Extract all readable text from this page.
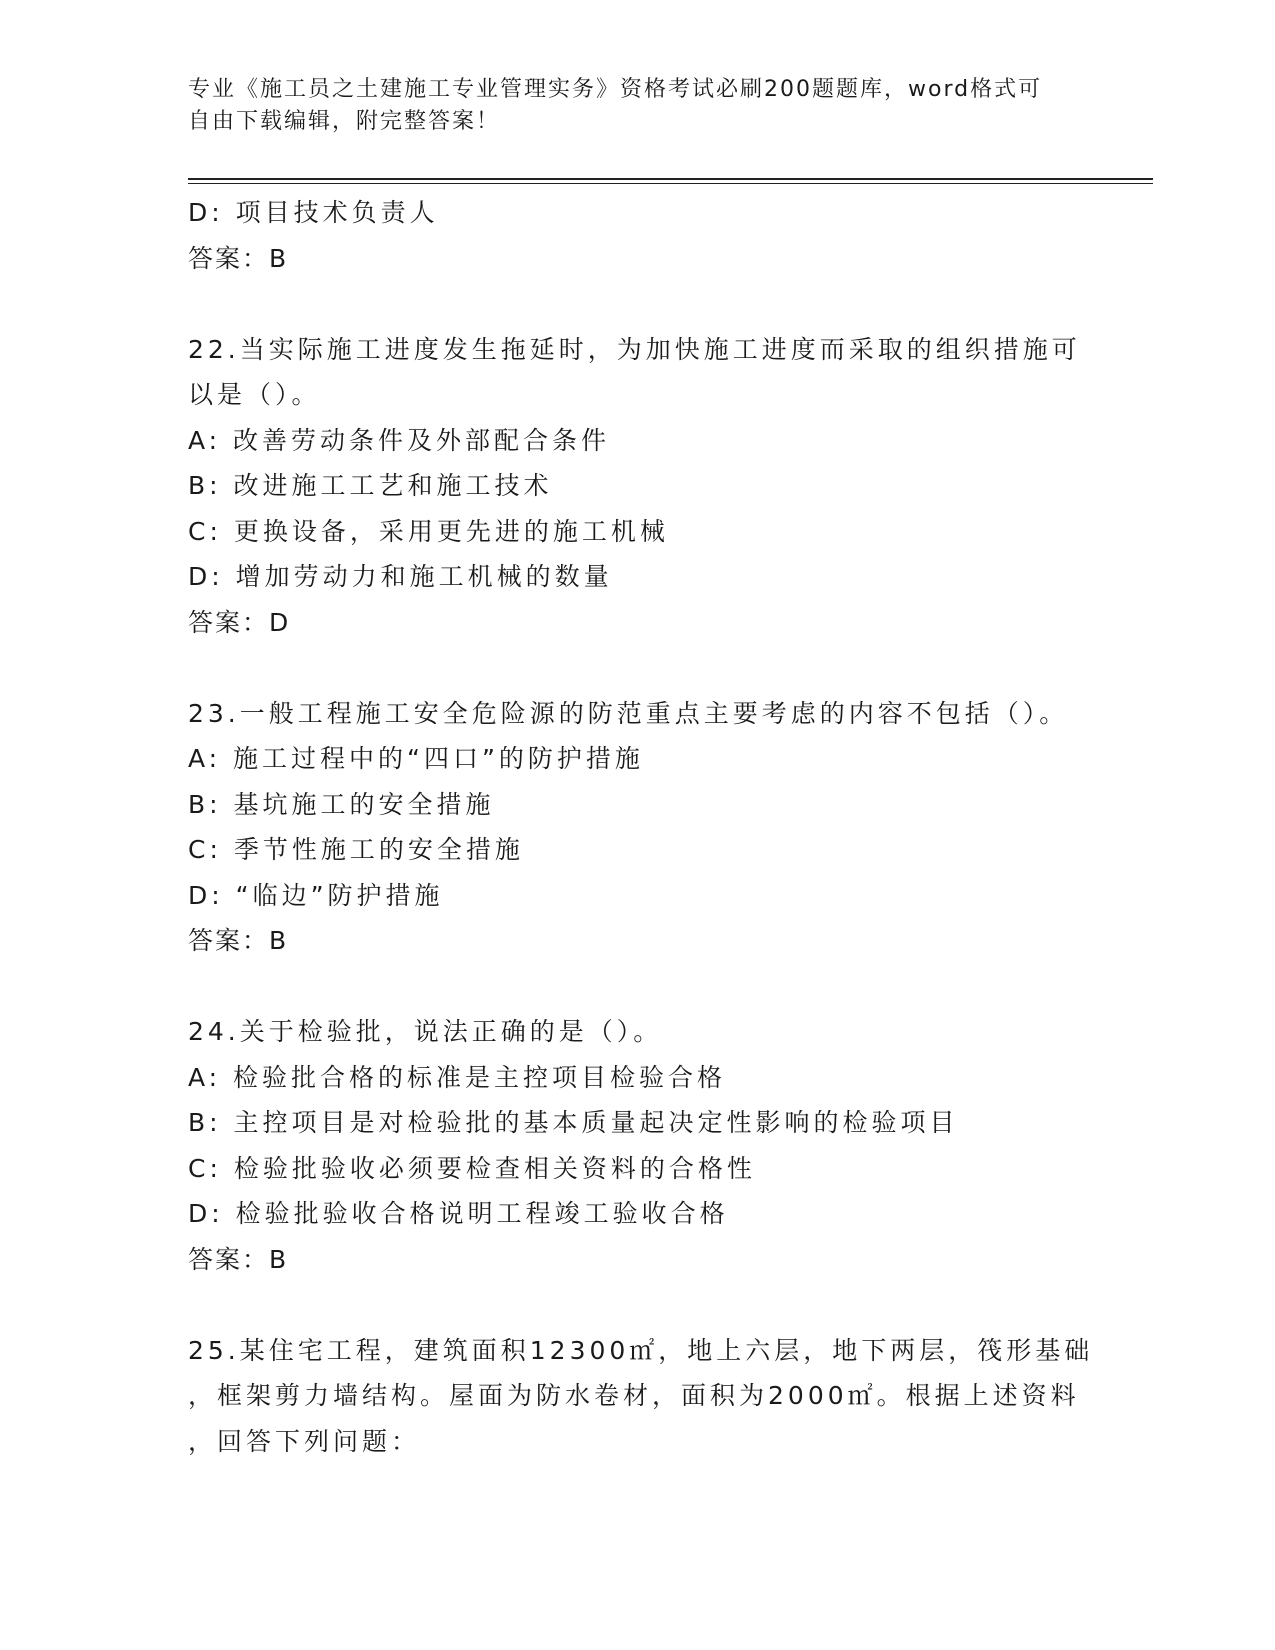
专业《施工员之土建施工专业管理实务》资格考试必刷200题题库，word格式可
自由下载编辑，附完整答案！
D: 项目技术负责人
答案：B
22.当实际施工进度发生拖延时，为加快施工进度而采取的组织措施可
以是（）。
A: 改善劳动条件及外部配合条件
B: 改进施工工艺和施工技术
C: 更换设备，采用更先进的施工机械
D: 增加劳动力和施工机械的数量
答案：D
23.一般工程施工安全危险源的防范重点主要考虑的内容不包括（）。
A: 施工过程中的“四口”的防护措施
B: 基坑施工的安全措施
C: 季节性施工的安全措施
D: “临边”防护措施
答案：B
24.关于检验批，说法正确的是（）。
A: 检验批合格的标准是主控项目检验合格
B: 主控项目是对检验批的基本质量起决定性影响的检验项目
C: 检验批验收必须要检查相关资料的合格性
D: 检验批验收合格说明工程竣工验收合格
答案：B
25.某住宅工程，建筑面积12300㎡，地上六层，地下两层，筏形基础
，框架剪力墙结构。屋面为防水卷材，面积为2000㎡。根据上述资料
，回答下列问题：
